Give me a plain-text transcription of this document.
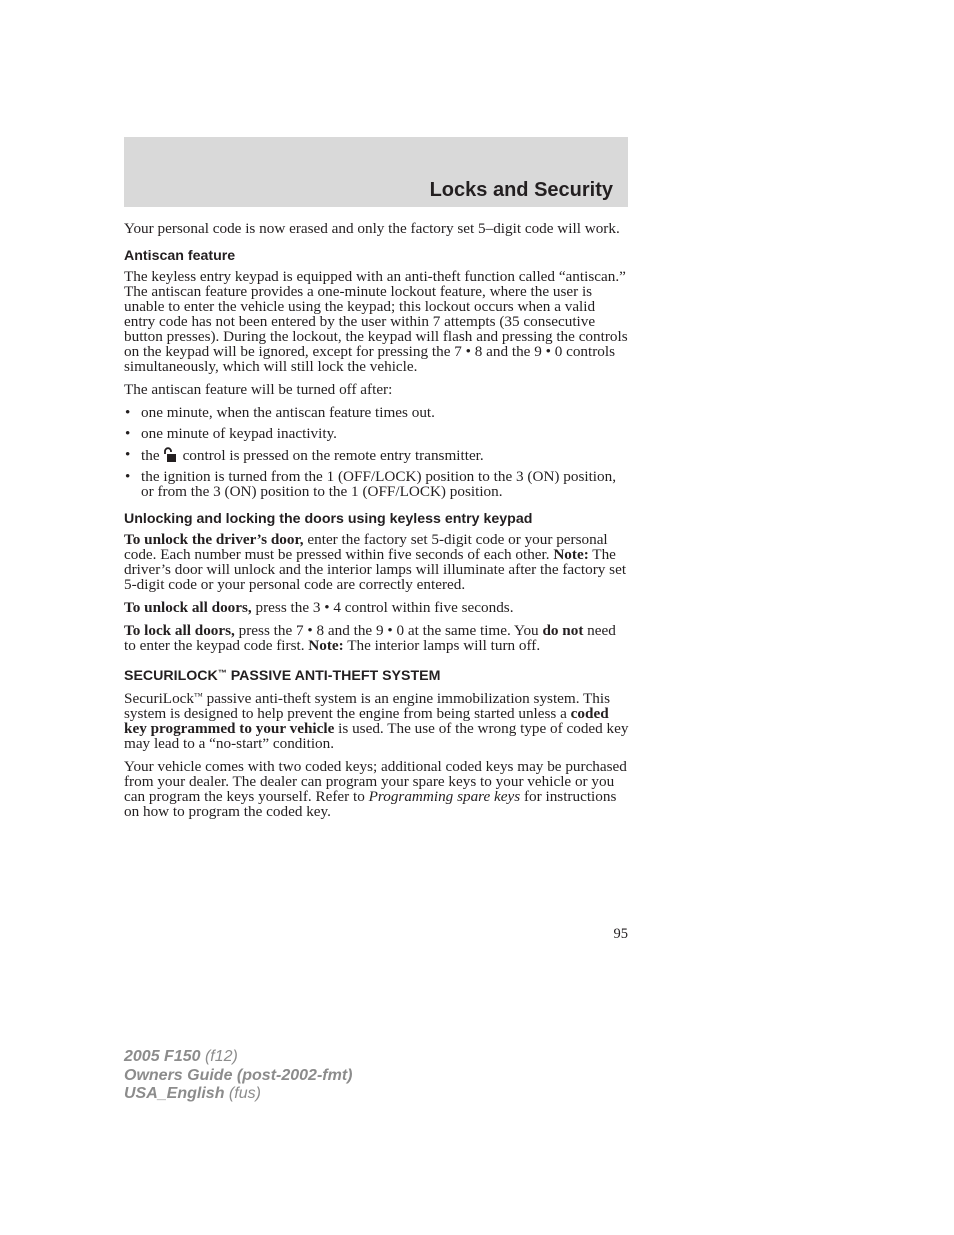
Locks and Security

Your personal code is now erased and only the factory set 5–digit code will work.

Antiscan feature

The keyless entry keypad is equipped with an anti-theft function called “antiscan.” The antiscan feature provides a one-minute lockout feature, where the user is unable to enter the vehicle using the keypad; this lockout occurs when a valid entry code has not been entered by the user within 7 attempts (35 consecutive button presses). During the lockout, the keypad will flash and pressing the controls on the keypad will be ignored, except for pressing the 7 • 8 and the 9 • 0 controls simultaneously, which will still lock the vehicle.

The antiscan feature will be turned off after:

• one minute, when the antiscan feature times out.
• one minute of keypad inactivity.
• the control is pressed on the remote entry transmitter.
• the ignition is turned from the 1 (OFF/LOCK) position to the 3 (ON) position, or from the 3 (ON) position to the 1 (OFF/LOCK) position.
Unlocking and locking the doors using keyless entry keypad

To unlock the driver’s door, enter the factory set 5-digit code or your personal code. Each number must be pressed within five seconds of each other. Note: The driver’s door will unlock and the interior lamps will illuminate after the factory set 5-digit code or your personal code are correctly entered.

To unlock all doors, press the 3 • 4 control within five seconds.

To lock all doors, press the 7 • 8 and the 9 • 0 at the same time. You do not need to enter the keypad code first. Note: The interior lamps will turn off.

SECURILOCK™ PASSIVE ANTI-THEFT SYSTEM

SecuriLock™ passive anti-theft system is an engine immobilization system. This system is designed to help prevent the engine from being started unless a coded key programmed to your vehicle is used. The use of the wrong type of coded key may lead to a “no-start” condition.

Your vehicle comes with two coded keys; additional coded keys may be purchased from your dealer. The dealer can program your spare keys to your vehicle or you can program the keys yourself. Refer to Programming spare keys for instructions on how to program the coded key.

95
2005 F150 (f12)
Owners Guide (post-2002-fmt)
USA_English (fus)
